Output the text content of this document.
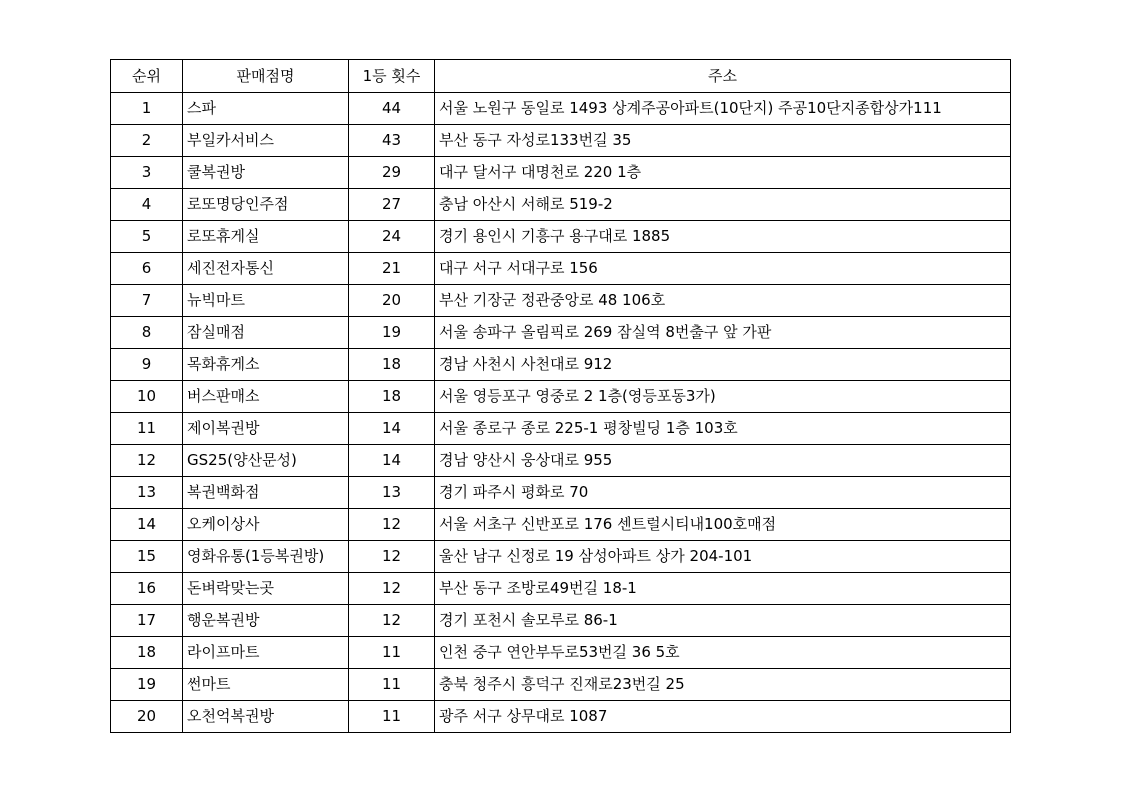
순위	판매점명	1등 횟수	주소
1	스파	44	서울 노원구 동일로 1493 상계주공아파트(10단지) 주공10단지종합상가111
2	부일카서비스	43	부산 동구 자성로133번길 35
3	쿨복권방	29	대구 달서구 대명천로 220 1층
4	로또명당인주점	27	충남 아산시 서해로 519-2
5	로또휴게실	24	경기 용인시 기흥구 용구대로 1885
6	세진전자통신	21	대구 서구 서대구로 156
7	뉴빅마트	20	부산 기장군 정관중앙로 48 106호
8	잠실매점	19	서울 송파구 올림픽로 269 잠실역 8번출구 앞 가판
9	목화휴게소	18	경남 사천시 사천대로 912
10	버스판매소	18	서울 영등포구 영중로 2 1층(영등포동3가)
11	제이복권방	14	서울 종로구 종로 225-1 평창빌딩 1층 103호
12	GS25(양산문성)	14	경남 양산시 웅상대로 955
13	복권백화점	13	경기 파주시 평화로 70
14	오케이상사	12	서울 서초구 신반포로 176 센트럴시티내100호매점
15	영화유통(1등복권방)	12	울산 남구 신정로 19 삼성아파트 상가 204-101
16	돈벼락맞는곳	12	부산 동구 조방로49번길 18-1
17	행운복권방	12	경기 포천시 솔모루로 86-1
18	라이프마트	11	인천 중구 연안부두로53번길 36 5호
19	썬마트	11	충북 청주시 흥덕구 진재로23번길 25
20	오천억복권방	11	광주 서구 상무대로 1087
